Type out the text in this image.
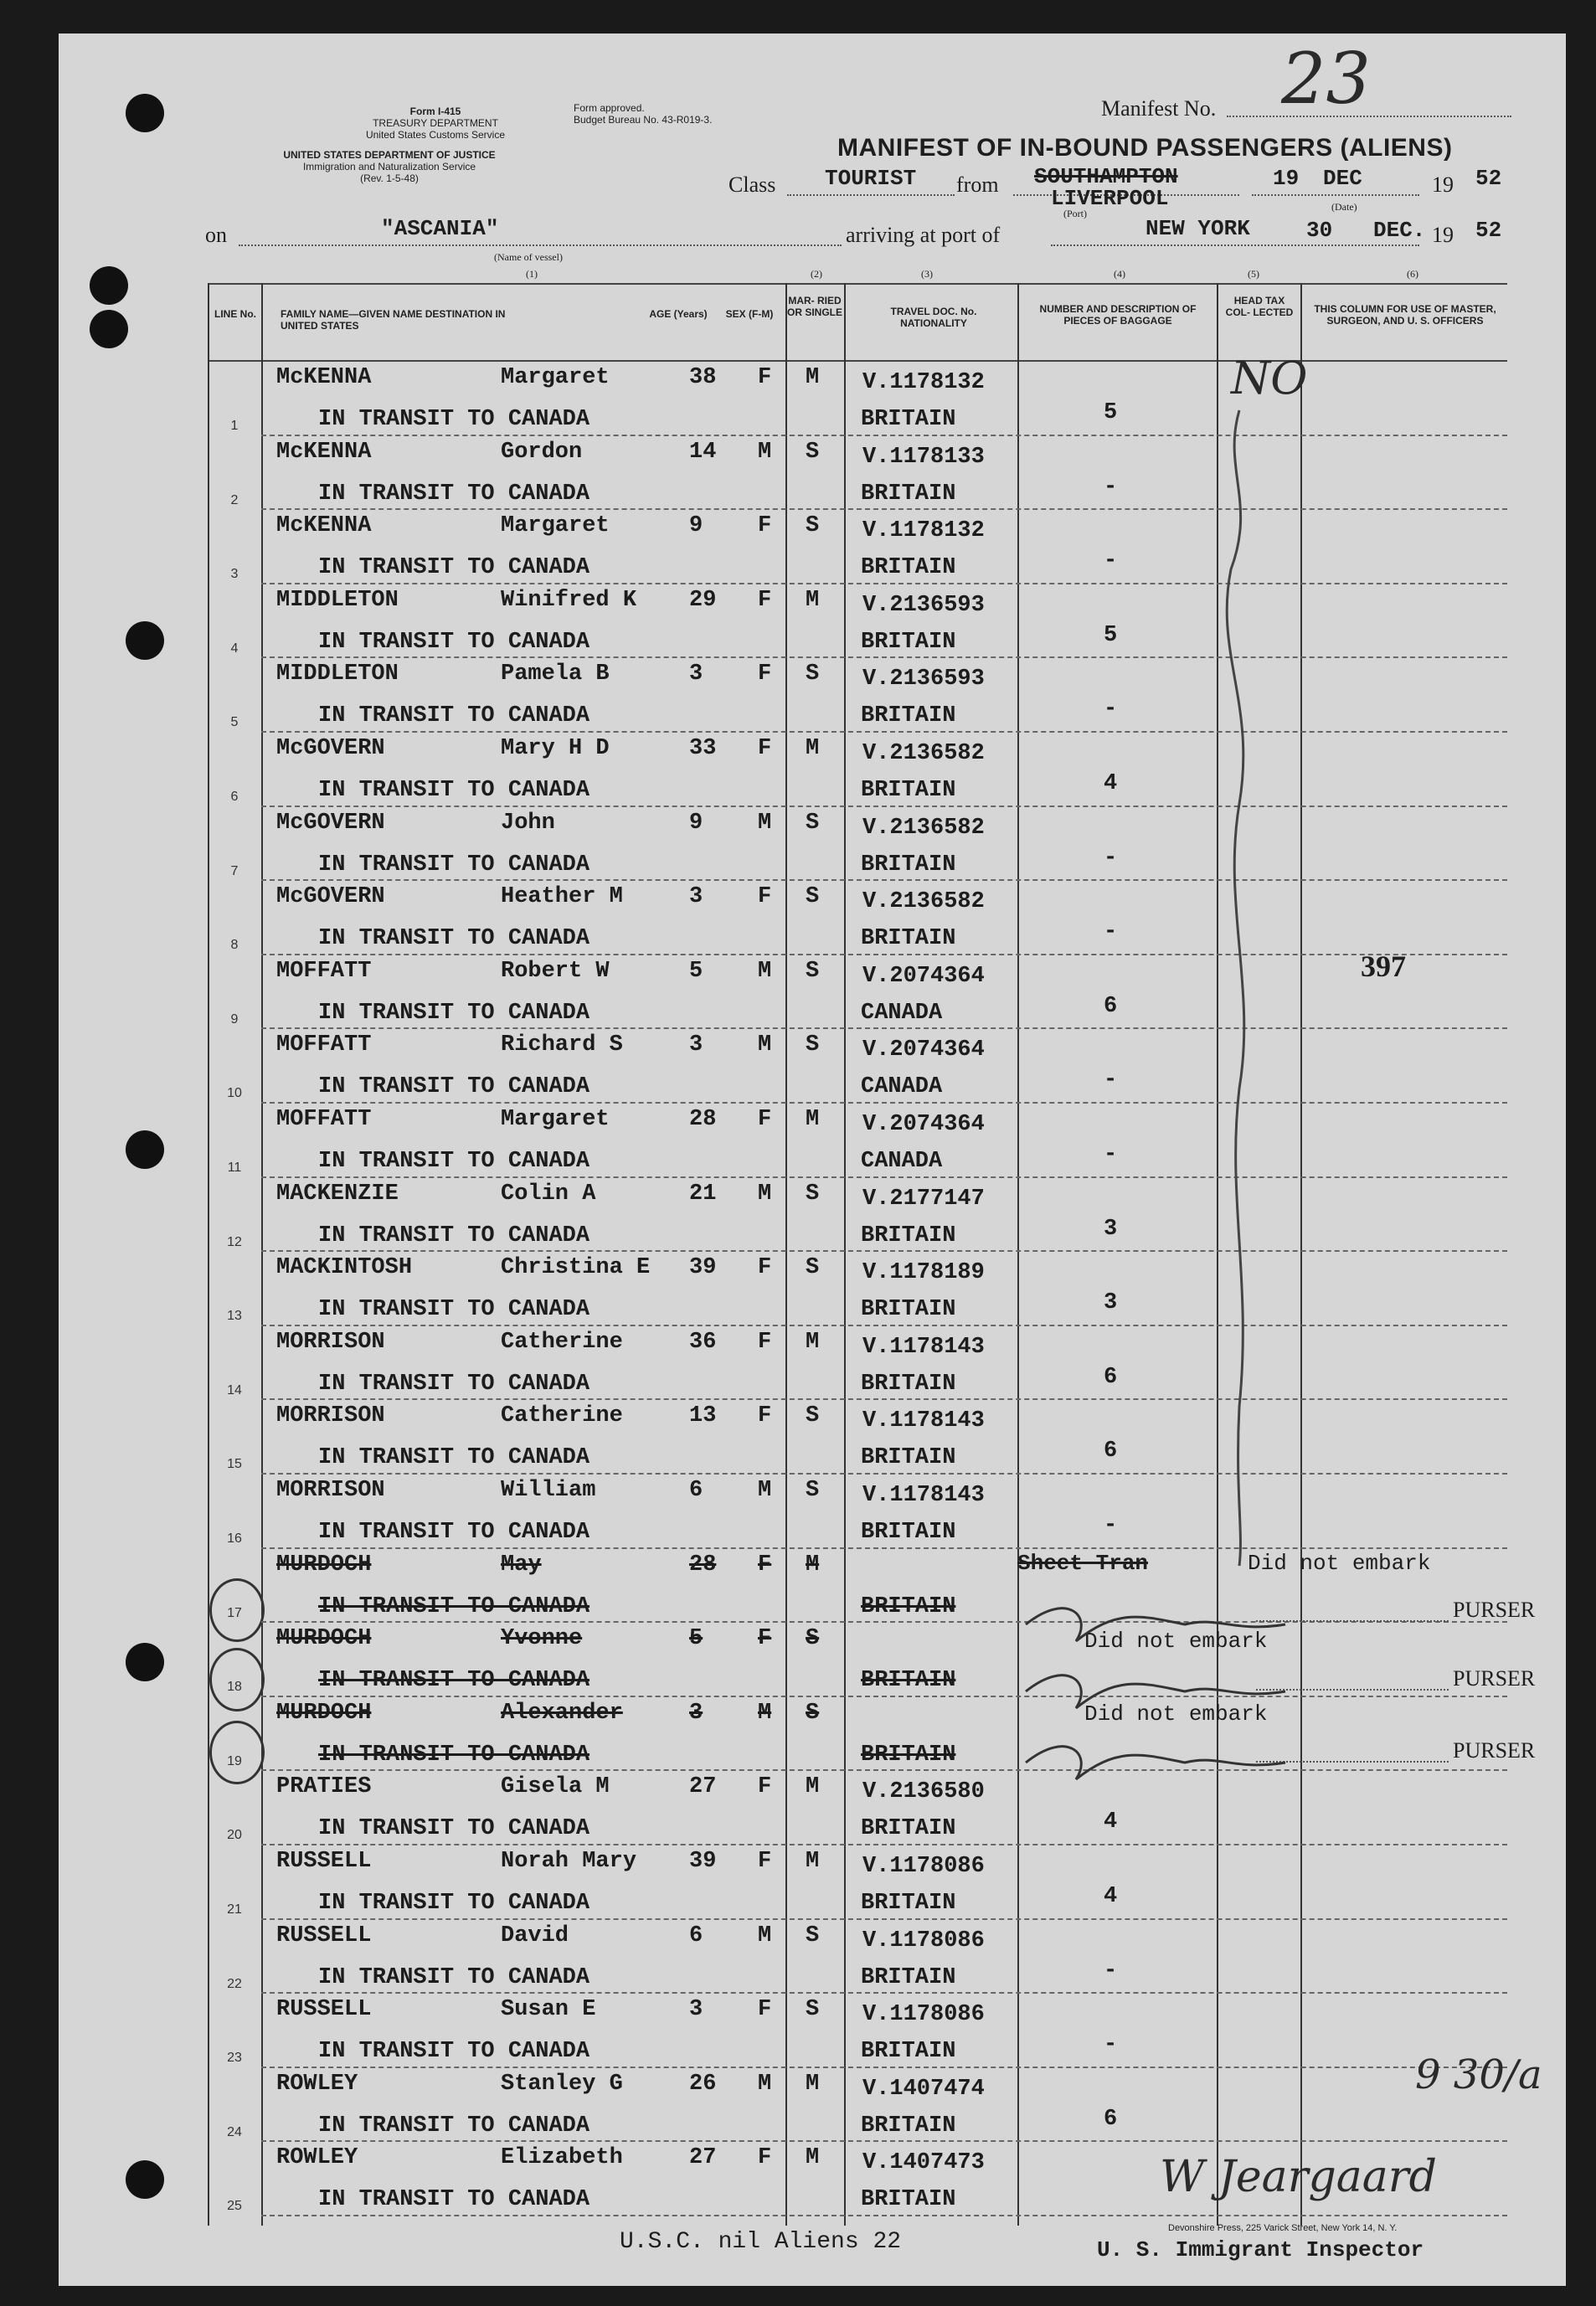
Form I-415
TREASURY DEPARTMENT
United States Customs Service
Form approved.
Budget Bureau No. 43-R019-3.
UNITED STATES DEPARTMENT OF JUSTICE
Immigration and Naturalization Service
(Rev. 1-5-48)
Manifest No. 23
MANIFEST OF IN-BOUND PASSENGERS (ALIENS)
Class TOURIST from SOUTHAMPTON
LIVERPOOL
(Port)
19 DEC
(Date)
19 52
on	"ASCANIA"
(Name of vessel)
arriving at port of	NEW YORK	30 DEC. 19 52
(1)	(2)	(3)	(4)	(5)	(6)
LINE No.	FAMILY NAME—GIVEN NAME DESTINATION IN UNITED STATES
AGE (Years)	SEX (F-M)
MAR- RIED OR SINGLE	TRAVEL DOC. No. NATIONALITY
NUMBER AND DESCRIPTION OF PIECES OF BAGGAGE
HEAD TAX COL- LECTED	THIS COLUMN FOR USE OF MASTER, SURGEON, AND U. S. OFFICERS
McKENNA	Margaret	38 F M V.1178132
IN TRANSIT TO CANADA	BRITAIN	5
1
McKENNA	Gordon	14 M S V.1178133
IN TRANSIT TO CANADA	BRITAIN	-
2
McKENNA	Margaret	9 F S V.1178132
IN TRANSIT TO CANADA	BRITAIN	-
3
MIDDLETON	Winifred K 29 F M V.2136593
IN TRANSIT TO CANADA	BRITAIN	5
4
MIDDLETON	Pamela B	3 F S V.2136593
IN TRANSIT TO CANADA	BRITAIN	-
5
McGOVERN	Mary H D	33 F M V.2136582
IN TRANSIT TO CANADA	BRITAIN	4
6
McGOVERN	John	9 M S V.2136582
IN TRANSIT TO CANADA	BRITAIN	-
7
McGOVERN	Heather M	3 F S V.2136582
IN TRANSIT TO CANADA	BRITAIN	-
8
MOFFATT	Robert W	5 M S V.2074364
IN TRANSIT TO CANADA	CANADA	6
9
MOFFATT	Richard S	3 M S V.2074364
IN TRANSIT TO CANADA	CANADA	-
10
MOFFATT	Margaret	28 F M V.2074364
IN TRANSIT TO CANADA	CANADA	-
11
MACKENZIE	Colin A	21 M S V.2177147
IN TRANSIT TO CANADA	BRITAIN	3
12
MACKINTOSH	Christina E 39 F S V.1178189
IN TRANSIT TO CANADA	BRITAIN	3
13
MORRISON	Catherine	36 F M V.1178143
IN TRANSIT TO CANADA	BRITAIN	6
14
MORRISON	Catherine	13 F S V.1178143
IN TRANSIT TO CANADA	BRITAIN	6
15
MORRISON	William	6 M S V.1178143
IN TRANSIT TO CANADA	BRITAIN	-
16
MURDOCH	May	28 F M
IN TRANSIT TO CANADA	BRITAIN
17
MURDOCH	Yvonne	5 F S
IN TRANSIT TO CANADA	BRITAIN
18
MURDOCH	Alexander	3 M S
IN TRANSIT TO CANADA	BRITAIN
19
PRATIES	Gisela M	27 F M V.2136580
IN TRANSIT TO CANADA	BRITAIN	4
20
RUSSELL	Norah Mary 39 F M V.1178086
IN TRANSIT TO CANADA	BRITAIN	4
21
RUSSELL	David	6 M S V.1178086
IN TRANSIT TO CANADA	BRITAIN	-
22
RUSSELL	Susan E	3 F S V.1178086
IN TRANSIT TO CANADA	BRITAIN	-
23
ROWLEY	Stanley G	26 M M V.1407474
IN TRANSIT TO CANADA	BRITAIN	6
24
ROWLEY	Elizabeth	27 F M V.1407473
IN TRANSIT TO CANADA	BRITAIN
25
NO
397
Sheet Tran	Did not embark
Did not embark
Did not embark
PURSER
PURSER
PURSER
9 30/a
W Jeargaard
U.S.C. nil Aliens 22
Devonshire Press, 225 Varick Street, New York 14, N. Y.
U. S. Immigrant Inspector
